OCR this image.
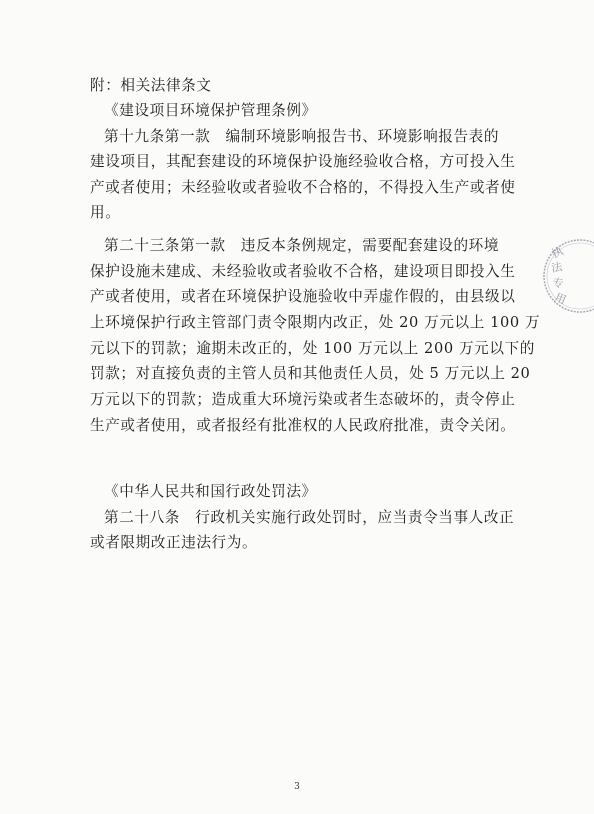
附：相关法律条文
《建设项目环境保护管理条例》
第十九条第一款　编制环境影响报告书、环境影响报告表的
建设项目，其配套建设的环境保护设施经验收合格，方可投入生
产或者使用；未经验收或者验收不合格的，不得投入生产或者使
用。
第二十三条第一款　违反本条例规定，需要配套建设的环境
保护设施未建成、未经验收或者验收不合格，建设项目即投入生
产或者使用，或者在环境保护设施验收中弄虚作假的，由县级以
上环境保护行政主管部门责令限期内改正，处 20 万元以上 100 万
元以下的罚款；逾期未改正的，处 100 万元以上 200 万元以下的
罚款；对直接负责的主管人员和其他责任人员，处 5 万元以上 20
万元以下的罚款；造成重大环境污染或者生态破坏的，责令停止
生产或者使用，或者报经有批准权的人民政府批准，责令关闭。
《中华人民共和国行政处罚法》
第二十八条　行政机关实施行政处罚时，应当责令当事人改正
或者限期改正违法行为。
执
法
专
用
3
